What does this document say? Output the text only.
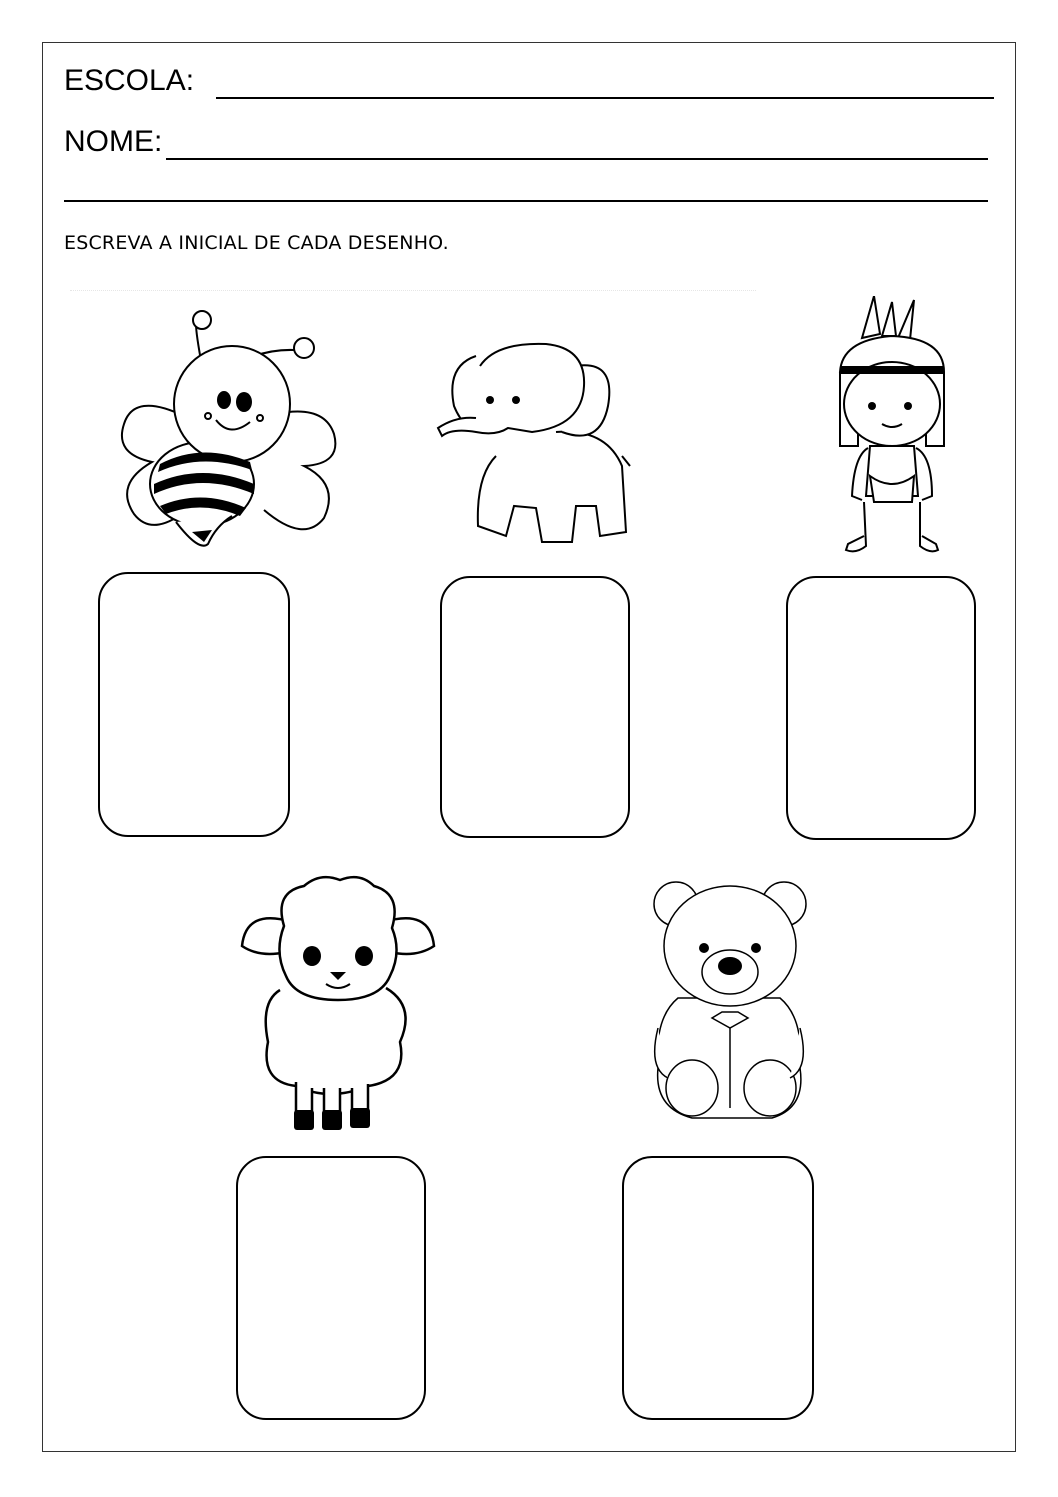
ESCOLA:
NOME:
ESCREVA A INICIAL DE CADA DESENHO.
